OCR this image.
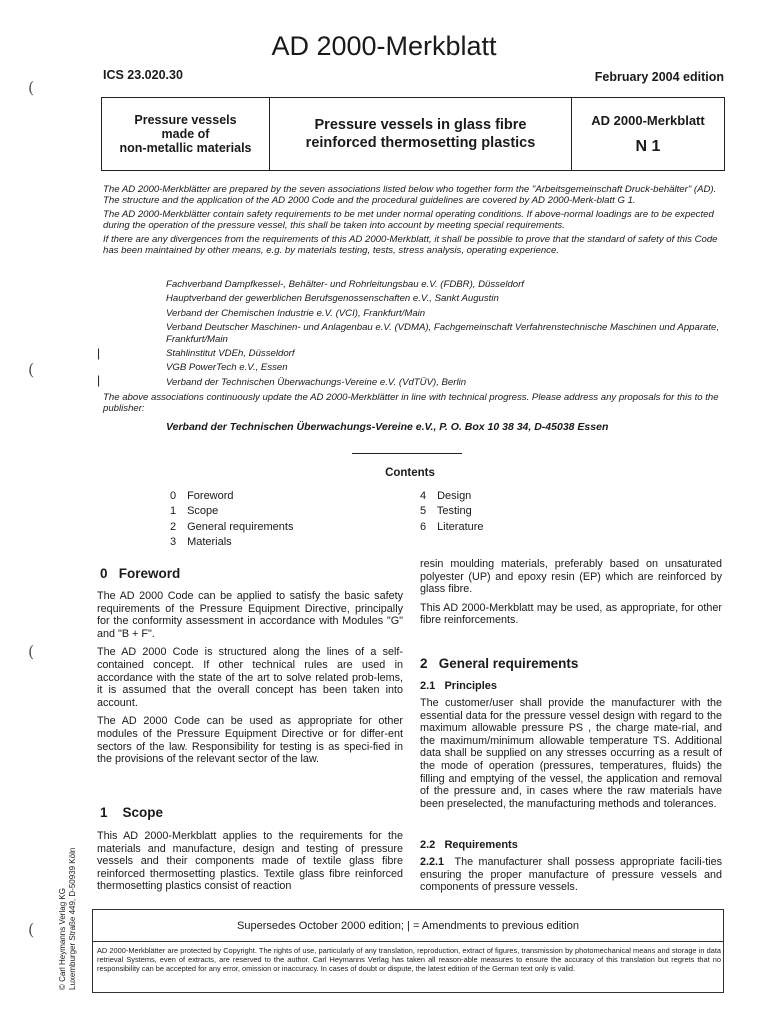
AD 2000-Merkblatt
ICS 23.020.30	February 2004 edition
Pressure vessels
made of
non-metallic materials
Pressure vessels in glass fibre
reinforced thermosetting plastics
AD 2000-Merkblatt
N 1

The AD 2000-Merkblätter are prepared by the seven associations listed below who together form the "Arbeitsgemeinschaft Druck-behälter" (AD). The structure and the application of the AD 2000 Code and the procedural guidelines are covered by AD 2000-Merk-blatt G 1.

The AD 2000-Merkblätter contain safety requirements to be met under normal operating conditions. If above-normal loadings are to be expected during the operation of the pressure vessel, this shall be taken into account by meeting special requirements.

If there are any divergences from the requirements of this AD 2000-Merkblatt, it shall be possible to prove that the standard of safety of this Code has been maintained by other means, e.g. by materials testing, tests, stress analysis, operating experience.

Fachverband Dampfkessel-, Behälter- und Rohrleitungsbau e.V. (FDBR), Düsseldorf
Hauptverband der gewerblichen Berufsgenossenschaften e.V., Sankt Augustin
Verband der Chemischen Industrie e.V. (VCI), Frankfurt/Main
Verband Deutscher Maschinen- und Anlagenbau e.V. (VDMA), Fachgemeinschaft Verfahrenstechnische Maschinen und Apparate, Frankfurt/Main
Stahlinstitut VDEh, Düsseldorf
VGB PowerTech e.V., Essen
Verband der Technischen Überwachungs-Vereine e.V. (VdTÜV), Berlin
The above associations continuously update the AD 2000-Merkblätter in line with technical progress. Please address any proposals for this to the publisher:
Verband der Technischen Überwachungs-Vereine e.V., P. O. Box 10 38 34, D-45038 Essen
Contents
0 Foreword
1 Scope
2 General requirements
3 Materials
4 Design
5 Testing
6 Literature
0 Foreword

The AD 2000 Code can be applied to satisfy the basic safety requirements of the Pressure Equipment Directive, principally for the conformity assessment in accordance with Modules "G" and "B + F".

The AD 2000 Code is structured along the lines of a self-contained concept. If other technical rules are used in accordance with the state of the art to solve related prob-lems, it is assumed that the overall concept has been taken into account.

The AD 2000 Code can be used as appropriate for other modules of the Pressure Equipment Directive or for differ-ent sectors of the law. Responsibility for testing is as speci-fied in the provisions of the relevant sector of the law.

1 Scope

This AD 2000-Merkblatt applies to the requirements for the materials and manufacture, design and testing of pressure vessels and their components made of textile glass fibre reinforced thermosetting plastics. Textile glass fibre reinforced thermosetting plastics consist of reaction

resin moulding materials, preferably based on unsaturated polyester (UP) and epoxy resin (EP) which are reinforced by glass fibre.

This AD 2000-Merkblatt may be used, as appropriate, for other fibre reinforcements.

2 General requirements
2.1 Principles

The customer/user shall provide the manufacturer with the essential data for the pressure vessel design with regard to the maximum allowable pressure PS , the charge mate-rial, and the maximum/minimum allowable temperature TS. Additional data shall be supplied on any stresses occurring as a result of the mode of operation (pressures, temperatures, fluids) the filling and emptying of the vessel, the application and removal of the pressure and, in cases where the raw materials have been preselected, the manufacturing methods and tolerances.

2.2 Requirements

2.2.1 The manufacturer shall possess appropriate facili-ties ensuring the proper manufacture of pressure vessels and components of pressure vessels.

Supersedes October 2000 edition; | = Amendments to previous edition
AD 2000-Merkblätter are protected by Copyright. The rights of use, particularly of any translation, reproduction, extract of figures, transmission by photomechanical means and storage in data retrieval Systems, even of extracts, are reserved to the author. Carl Heymanns Verlag has taken all reason-able measures to ensure the accuracy of this translation but regrets that no responsibility can be accepted for any error, omission or inaccuracy. In cases of doubt or dispute, the latest edition of the German text only is valid.
© Carl Heymanns Verlag KG Luxemburger Straße 449, D-50939 Köln
|
|
(
(
(
(
